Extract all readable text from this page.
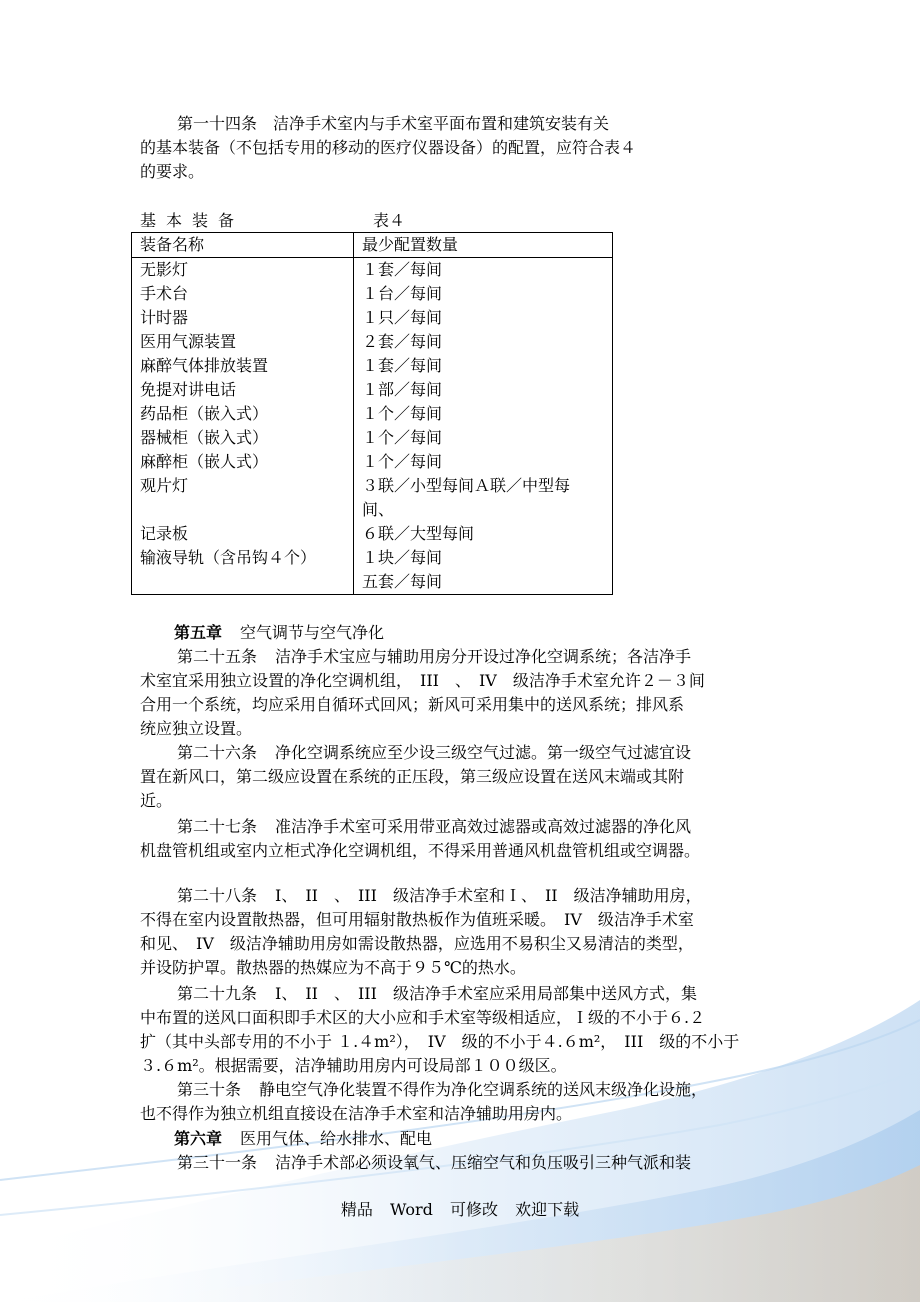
第一十四条　洁净手术室内与手术室平面布置和建筑安装有关
的基本装备（不包括专用的移动的医疗仪器设备）的配置，应符合表４
的要求。
基本装备	表４
装备名称	最少配置数量
无影灯	１套／每间
手术台	１台／每间
计时器	１只／每间
医用气源装置	２套／每间
麻醉气体排放装置	１套／每间
免提对讲电话	１部／每间
药品柜（嵌入式）	１个／每间
器械柜（嵌入式）	１个／每间
麻醉柜（嵌人式）	１个／每间
观片灯	３联／小型每间Ａ联／中型每
	间、
记录板	６联／大型每间
输液导轨（含吊钩４个）	１块／每间
	五套／每间
第五章 空气调节与空气净化
第二十五条 洁净手术宝应与辅助用房分开设过净化空调系统；各洁净手
术室宜采用独立设置的净化空调机组，　III　、　IV　级洁净手术室允许２－３间
合用一个系统，均应采用自循环式回风；新风可采用集中的送风系统；排风系
统应独立设置。
第二十六条 净化空调系统应至少设三级空气过滤。第一级空气过滤宜设
置在新风口，第二级应设置在系统的正压段，第三级应设置在送风末端或其附
近。
第二十七条 准洁净手术室可采用带亚高效过滤器或高效过滤器的净化风
机盘管机组或室内立柜式净化空调机组，不得采用普通风机盘管机组或空调器。
第二十八条 I、　II　、　III　级洁净手术室和Ｉ、　II　级洁净辅助用房，
不得在室内设置散热器，但可用辐射散热板作为值班采暖。　IV　级洁净手术室
和见、　IV　级洁净辅助用房如需设散热器，应选用不易积尘又易清洁的类型，
并设防护罩。散热器的热媒应为不高于９５℃的热水。
第二十九条 I、　II　、　III　级洁净手术室应采用局部集中送风方式，集
中布置的送风口面积即手术区的大小应和手术室等级相适应，Ｉ级的不小于６.２
扩（其中头部专用的不小于 １.４m²），　IV　级的不小于４.６m²，　III　级的不小于
３.６m²。根据需要，洁净辅助用房内可设局部１００级区。
第三十条 静电空气净化装置不得作为净化空调系统的送风末级净化设施，
也不得作为独立机组直接设在洁净手术室和洁净辅助用房内。
第六章 医用气体、给水排水、配电
第三十一条 洁净手术部必须设氧气、压缩空气和负压吸引三种气派和装
精品 Word 可修改 欢迎下载
